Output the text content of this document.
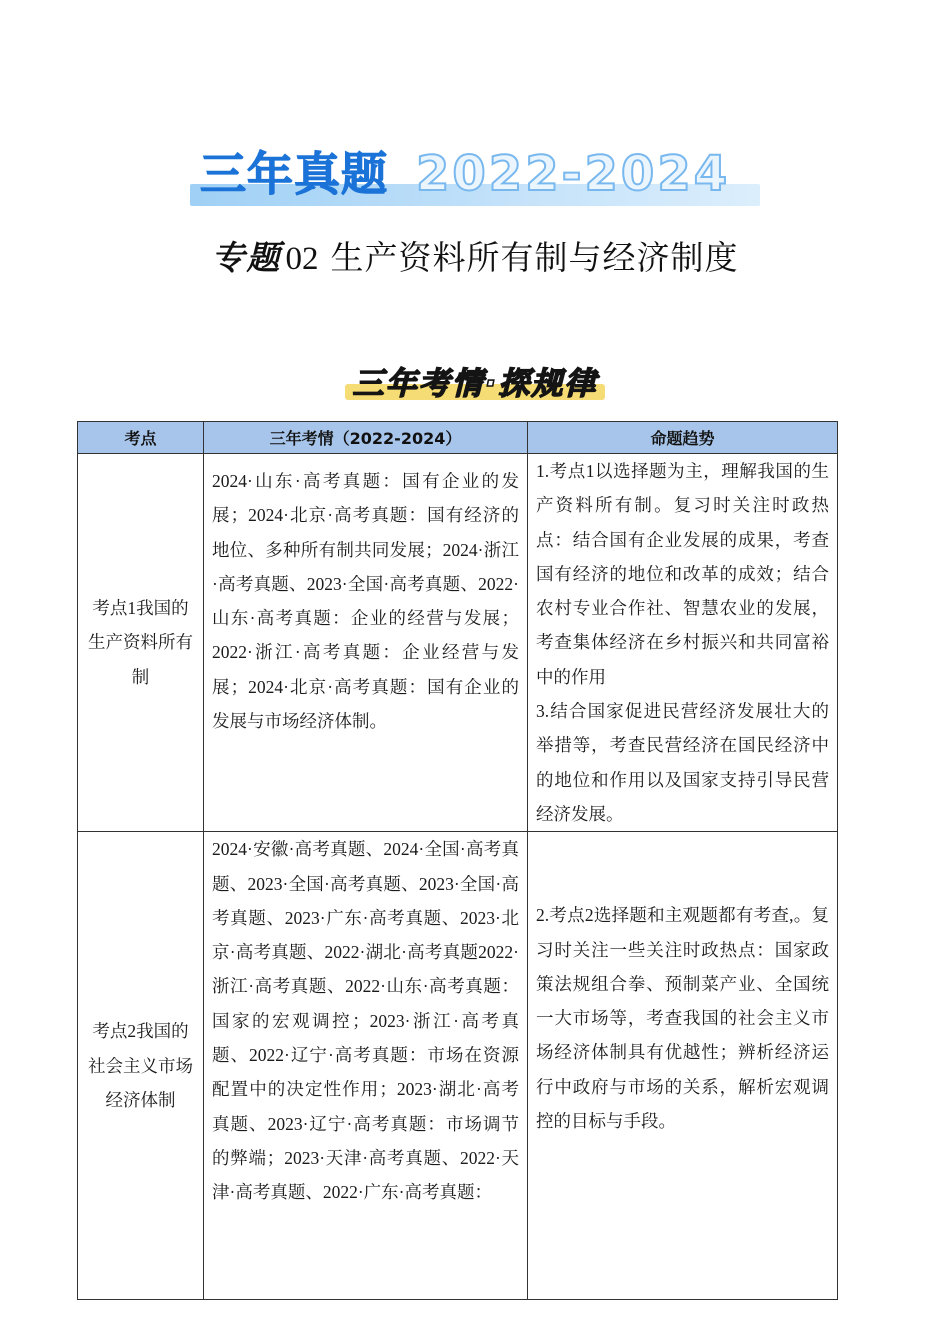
三年真题 2022-2024
专题 02 生产资料所有制与经济制度
三年考情·探规律
考点	三年考情（2022-2024）	命题趋势
考点1我国的生产资料所有制	2024·山东·高考真题：国有企业的发展；2024·北京·高考真题：国有经济的地位、多种所有制共同发展；2024·浙江·高考真题、2023·全国·高考真题、2022·山东·高考真题：企业的经营与发展；2022·浙江·高考真题：企业经营与发展；2024·北京·高考真题：国有企业的发展与市场经济体制。	1.考点1以选择题为主，理解我国的生产资料所有制。复习时关注时政热点：结合国有企业发展的成果，考查国有经济的地位和改革的成效；结合农村专业合作社、智慧农业的发展，考查集体经济在乡村振兴和共同富裕中的作用
3.结合国家促进民营经济发展壮大的举措等，考查民营经济在国民经济中的地位和作用以及国家支持引导民营经济发展。

考点2我国的社会主义市场经济体制	2024·安徽·高考真题、2024·全国·高考真题、2023·全国·高考真题、2023·全国·高考真题、2023·广东·高考真题、2023·北京·高考真题、2022·湖北·高考真题2022·浙江·高考真题、2022·山东·高考真题：国家的宏观调控；2023·浙江·高考真题、2022·辽宁·高考真题：市场在资源配置中的决定性作用；2023·湖北·高考真题、2023·辽宁·高考真题：市场调节的弊端；2023·天津·高考真题、2022·天津·高考真题、2022·广东·高考真题：	2.考点2选择题和主观题都有考查,。复习时关注一些关注时政热点：国家政策法规组合拳、预制菜产业、全国统一大市场等，考查我国的社会主义市场经济体制具有优越性；辨析经济运行中政府与市场的关系，解析宏观调控的目标与手段。
